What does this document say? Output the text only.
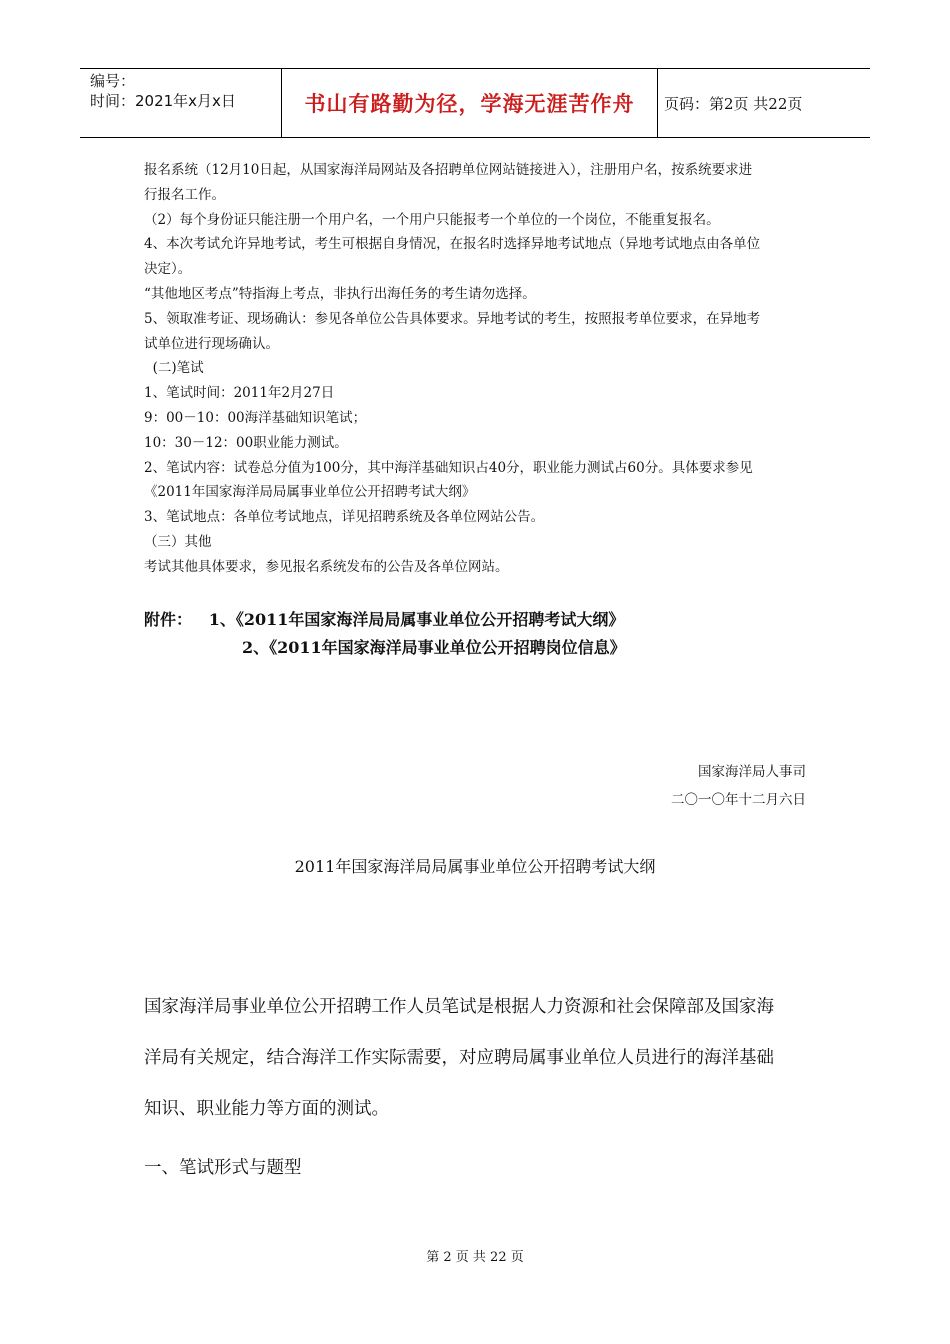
编号：
时间：2021年x月x日	书山有路勤为径，学海无涯苦作舟	页码：第2页 共22页

报名系统（12月10日起，从国家海洋局网站及各招聘单位网站链接进入），注册用户名，按系统要求进

行报名工作。

（2）每个身份证只能注册一个用户名，一个用户只能报考一个单位的一个岗位，不能重复报名。

4、本次考试允许异地考试，考生可根据自身情况，在报名时选择异地考试地点（异地考试地点由各单位

决定）。

“其他地区考点”特指海上考点，非执行出海任务的考生请勿选择。

5、领取准考证、现场确认：参见各单位公告具体要求。异地考试的考生，按照报考单位要求，在异地考

试单位进行现场确认。

(二)笔试

1、笔试时间：2011年2月27日

9：00－10：00海洋基础知识笔试；

10：30－12：00职业能力测试。

2、笔试内容：试卷总分值为100分，其中海洋基础知识占40分，职业能力测试占60分。具体要求参见

《2011年国家海洋局局属事业单位公开招聘考试大纲》

3、笔试地点：各单位考试地点，详见招聘系统及各单位网站公告。

（三）其他

考试其他具体要求，参见报名系统发布的公告及各单位网站。

附件： 1、《2011年国家海洋局局属事业单位公开招聘考试大纲》
2、《2011年国家海洋局事业单位公开招聘岗位信息》
国家海洋局人事司
二〇一〇年十二月六日
2011年国家海洋局局属事业单位公开招聘考试大纲
国家海洋局事业单位公开招聘工作人员笔试是根据人力资源和社会保障部及国家海
洋局有关规定，结合海洋工作实际需要，对应聘局属事业单位人员进行的海洋基础
知识、职业能力等方面的测试。
一、笔试形式与题型
第 2 页 共 22 页
